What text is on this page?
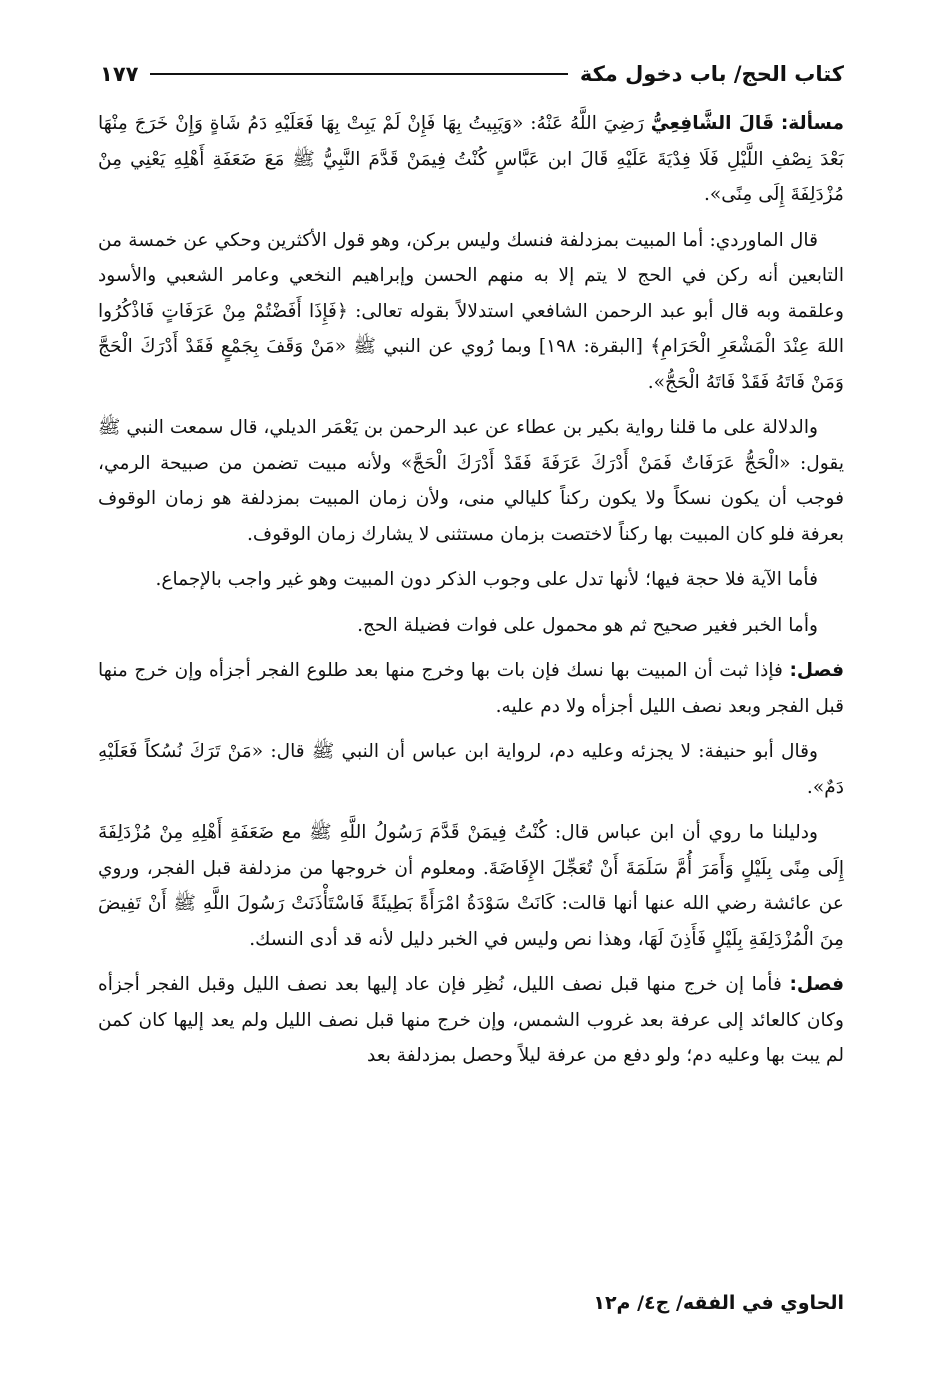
كتاب الحج/ باب دخول مكة
١٧٧

مسألة: قَالَ الشَّافِعِيُّ رَضِيَ اللَّهُ عَنْهُ: «وَيَبِيتُ بِهَا فَإِنْ لَمْ يَبِتْ بِهَا فَعَلَيْهِ دَمُ شَاةٍ وَإِنْ خَرَجَ مِنْهَا بَعْدَ نِصْفِ اللَّيْلِ فَلَا فِدْيَةَ عَلَيْهِ قَالَ ابن عَبَّاسٍ كُنْتُ فِيمَنْ قَدَّمَ النَّبِيُّ ﷺ مَعَ ضَعَفَةِ أَهْلِهِ يَعْنِي مِنْ مُزْدَلِفَةَ إِلَى مِنًى».

قال الماوردي: أما المبيت بمزدلفة فنسك وليس بركن، وهو قول الأكثرين وحكي عن خمسة من التابعين أنه ركن في الحج لا يتم إلا به منهم الحسن وإبراهيم النخعي وعامر الشعبي والأسود وعلقمة وبه قال أبو عبد الرحمن الشافعي استدلالاً بقوله تعالى: ﴿فَإِذَا أَفَضْتُمْ مِنْ عَرَفَاتٍ فَاذْكُرُوا اللهَ عِنْدَ الْمَشْعَرِ الْحَرَامِ﴾ [البقرة: ١٩٨] وبما رُوي عن النبي ﷺ «مَنْ وَقَفَ بِجَمْعٍ فَقَدْ أَدْرَكَ الْحَجَّ وَمَنْ فَاتَهُ فَقَدْ فَاتَهُ الْحَجُّ».

والدلالة على ما قلنا رواية بكير بن عطاء عن عبد الرحمن بن يَعْمَر الديلي، قال سمعت النبي ﷺ يقول: «الْحَجُّ عَرَفَاتٌ فَمَنْ أَدْرَكَ عَرَفَةَ فَقَدْ أَدْرَكَ الْحَجَّ» ولأنه مبيت تضمن من صبيحة الرمي، فوجب أن يكون نسكاً ولا يكون ركناً كليالي منى، ولأن زمان المبيت بمزدلفة هو زمان الوقوف بعرفة فلو كان المبيت بها ركناً لاختصت بزمان مستثنى لا يشارك زمان الوقوف.

فأما الآية فلا حجة فيها؛ لأنها تدل على وجوب الذكر دون المبيت وهو غير واجب بالإجماع.

وأما الخبر فغير صحيح ثم هو محمول على فوات فضيلة الحج.

فصل: فإذا ثبت أن المبيت بها نسك فإن بات بها وخرج منها بعد طلوع الفجر أجزأه وإن خرج منها قبل الفجر وبعد نصف الليل أجزأه ولا دم عليه.

وقال أبو حنيفة: لا يجزئه وعليه دم، لرواية ابن عباس أن النبي ﷺ قال: «مَنْ تَرَكَ نُسُكاً فَعَلَيْهِ دَمٌ».

ودليلنا ما روي أن ابن عباس قال: كُنْتُ فِيمَنْ قَدَّمَ رَسُولُ اللَّهِ ﷺ مع ضَعَفَةِ أَهْلِهِ مِنْ مُزْدَلِفَةَ إِلَى مِنًى بِلَيْلٍ وَأَمَرَ أُمَّ سَلَمَةَ أَنْ تُعَجِّلَ الإِفَاضَةَ. ومعلوم أن خروجها من مزدلفة قبل الفجر، وروي عن عائشة رضي الله عنها أنها قالت: كَانَتْ سَوْدَةُ امْرَأَةً بَطِيئَةً فَاسْتَأْذَنَتْ رَسُولَ اللَّهِ ﷺ أَنْ تَفِيضَ مِنَ الْمُزْدَلِفَةِ بِلَيْلٍ فَأَذِنَ لَهَا، وهذا نص وليس في الخبر دليل لأنه قد أدى النسك.

فصل: فأما إن خرج منها قبل نصف الليل، نُظِر فإن عاد إليها بعد نصف الليل وقبل الفجر أجزأه وكان كالعائد إلى عرفة بعد غروب الشمس، وإن خرج منها قبل نصف الليل ولم يعد إليها كان كمن لم يبت بها وعليه دم؛ ولو دفع من عرفة ليلاً وحصل بمزدلفة بعد

الحاوي في الفقه/ ج٤/ م١٢
